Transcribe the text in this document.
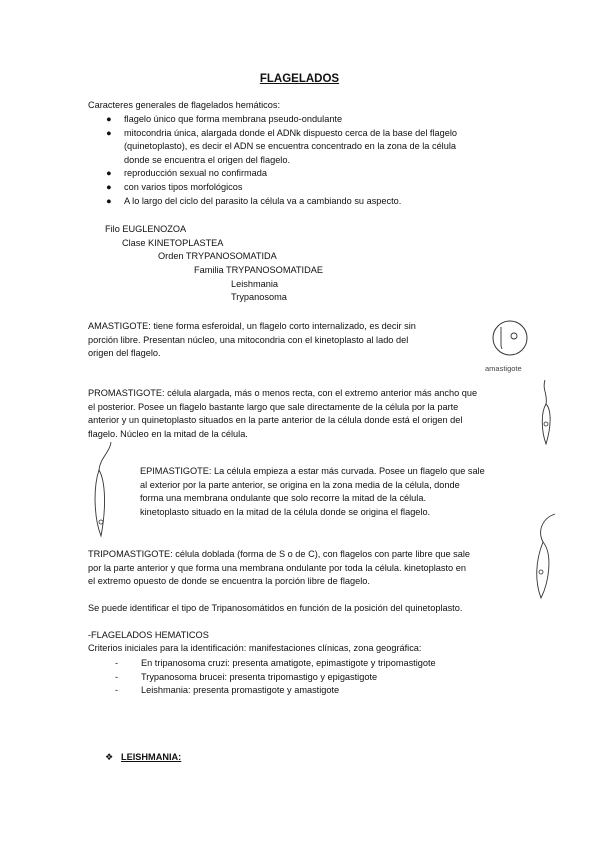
FLAGELADOS
Caracteres generales de flagelados hemáticos:
● flagelo único que forma membrana pseudo-ondulante
● mitocondria única, alargada donde el ADNk dispuesto cerca de la base del flagelo
(quinetoplasto), es decir el ADN se encuentra concentrado en la zona de la célula
donde se encuentra el origen del flagelo.
● reproducción sexual no confirmada
● con varios tipos morfológicos
● A lo largo del ciclo del parasito la célula va a cambiando su aspecto.
Filo EUGLENOZOA
Clase KINETOPLASTEA
Orden TRYPANOSOMATIDA
Familia TRYPANOSOMATIDAE
Leishmania
Trypanosoma
AMASTIGOTE: tiene forma esferoidal, un flagelo corto internalizado, es decir sin
porción libre. Presentan núcleo, una mitocondria con el kinetoplasto al lado del
origen del flagelo.
amastigote
PROMASTIGOTE: célula alargada, más o menos recta, con el extremo anterior más ancho que
el posterior. Posee un flagelo bastante largo que sale directamente de la célula por la parte
anterior y un quinetoplasto situados en la parte anterior de la célula donde está el origen del
flagelo. Núcleo en la mitad de la célula.
EPIMASTIGOTE: La célula empieza a estar más curvada. Posee un flagelo que sale
al exterior por la parte anterior, se origina en la zona media de la célula, donde
forma una membrana ondulante que solo recorre la mitad de la célula.
kinetoplasto situado en la mitad de la célula donde se origina el flagelo.
TRIPOMASTIGOTE: célula doblada (forma de S o de C), con flagelos con parte libre que sale
por la parte anterior y que forma una membrana ondulante por toda la célula. kinetoplasto en
el extremo opuesto de donde se encuentra la porción libre de flagelo.
Se puede identificar el tipo de Tripanosomátidos en función de la posición del quinetoplasto.
-FLAGELADOS HEMATICOS
Criterios iniciales para la identificación: manifestaciones clínicas, zona geográfica:
- En tripanosoma cruzi: presenta amatigote, epimastigote y tripomastigote
- Trypanosoma brucei: presenta tripomastigo y epigastigote
- Leishmania: presenta promastigote y amastigote
❖ LEISHMANIA:
